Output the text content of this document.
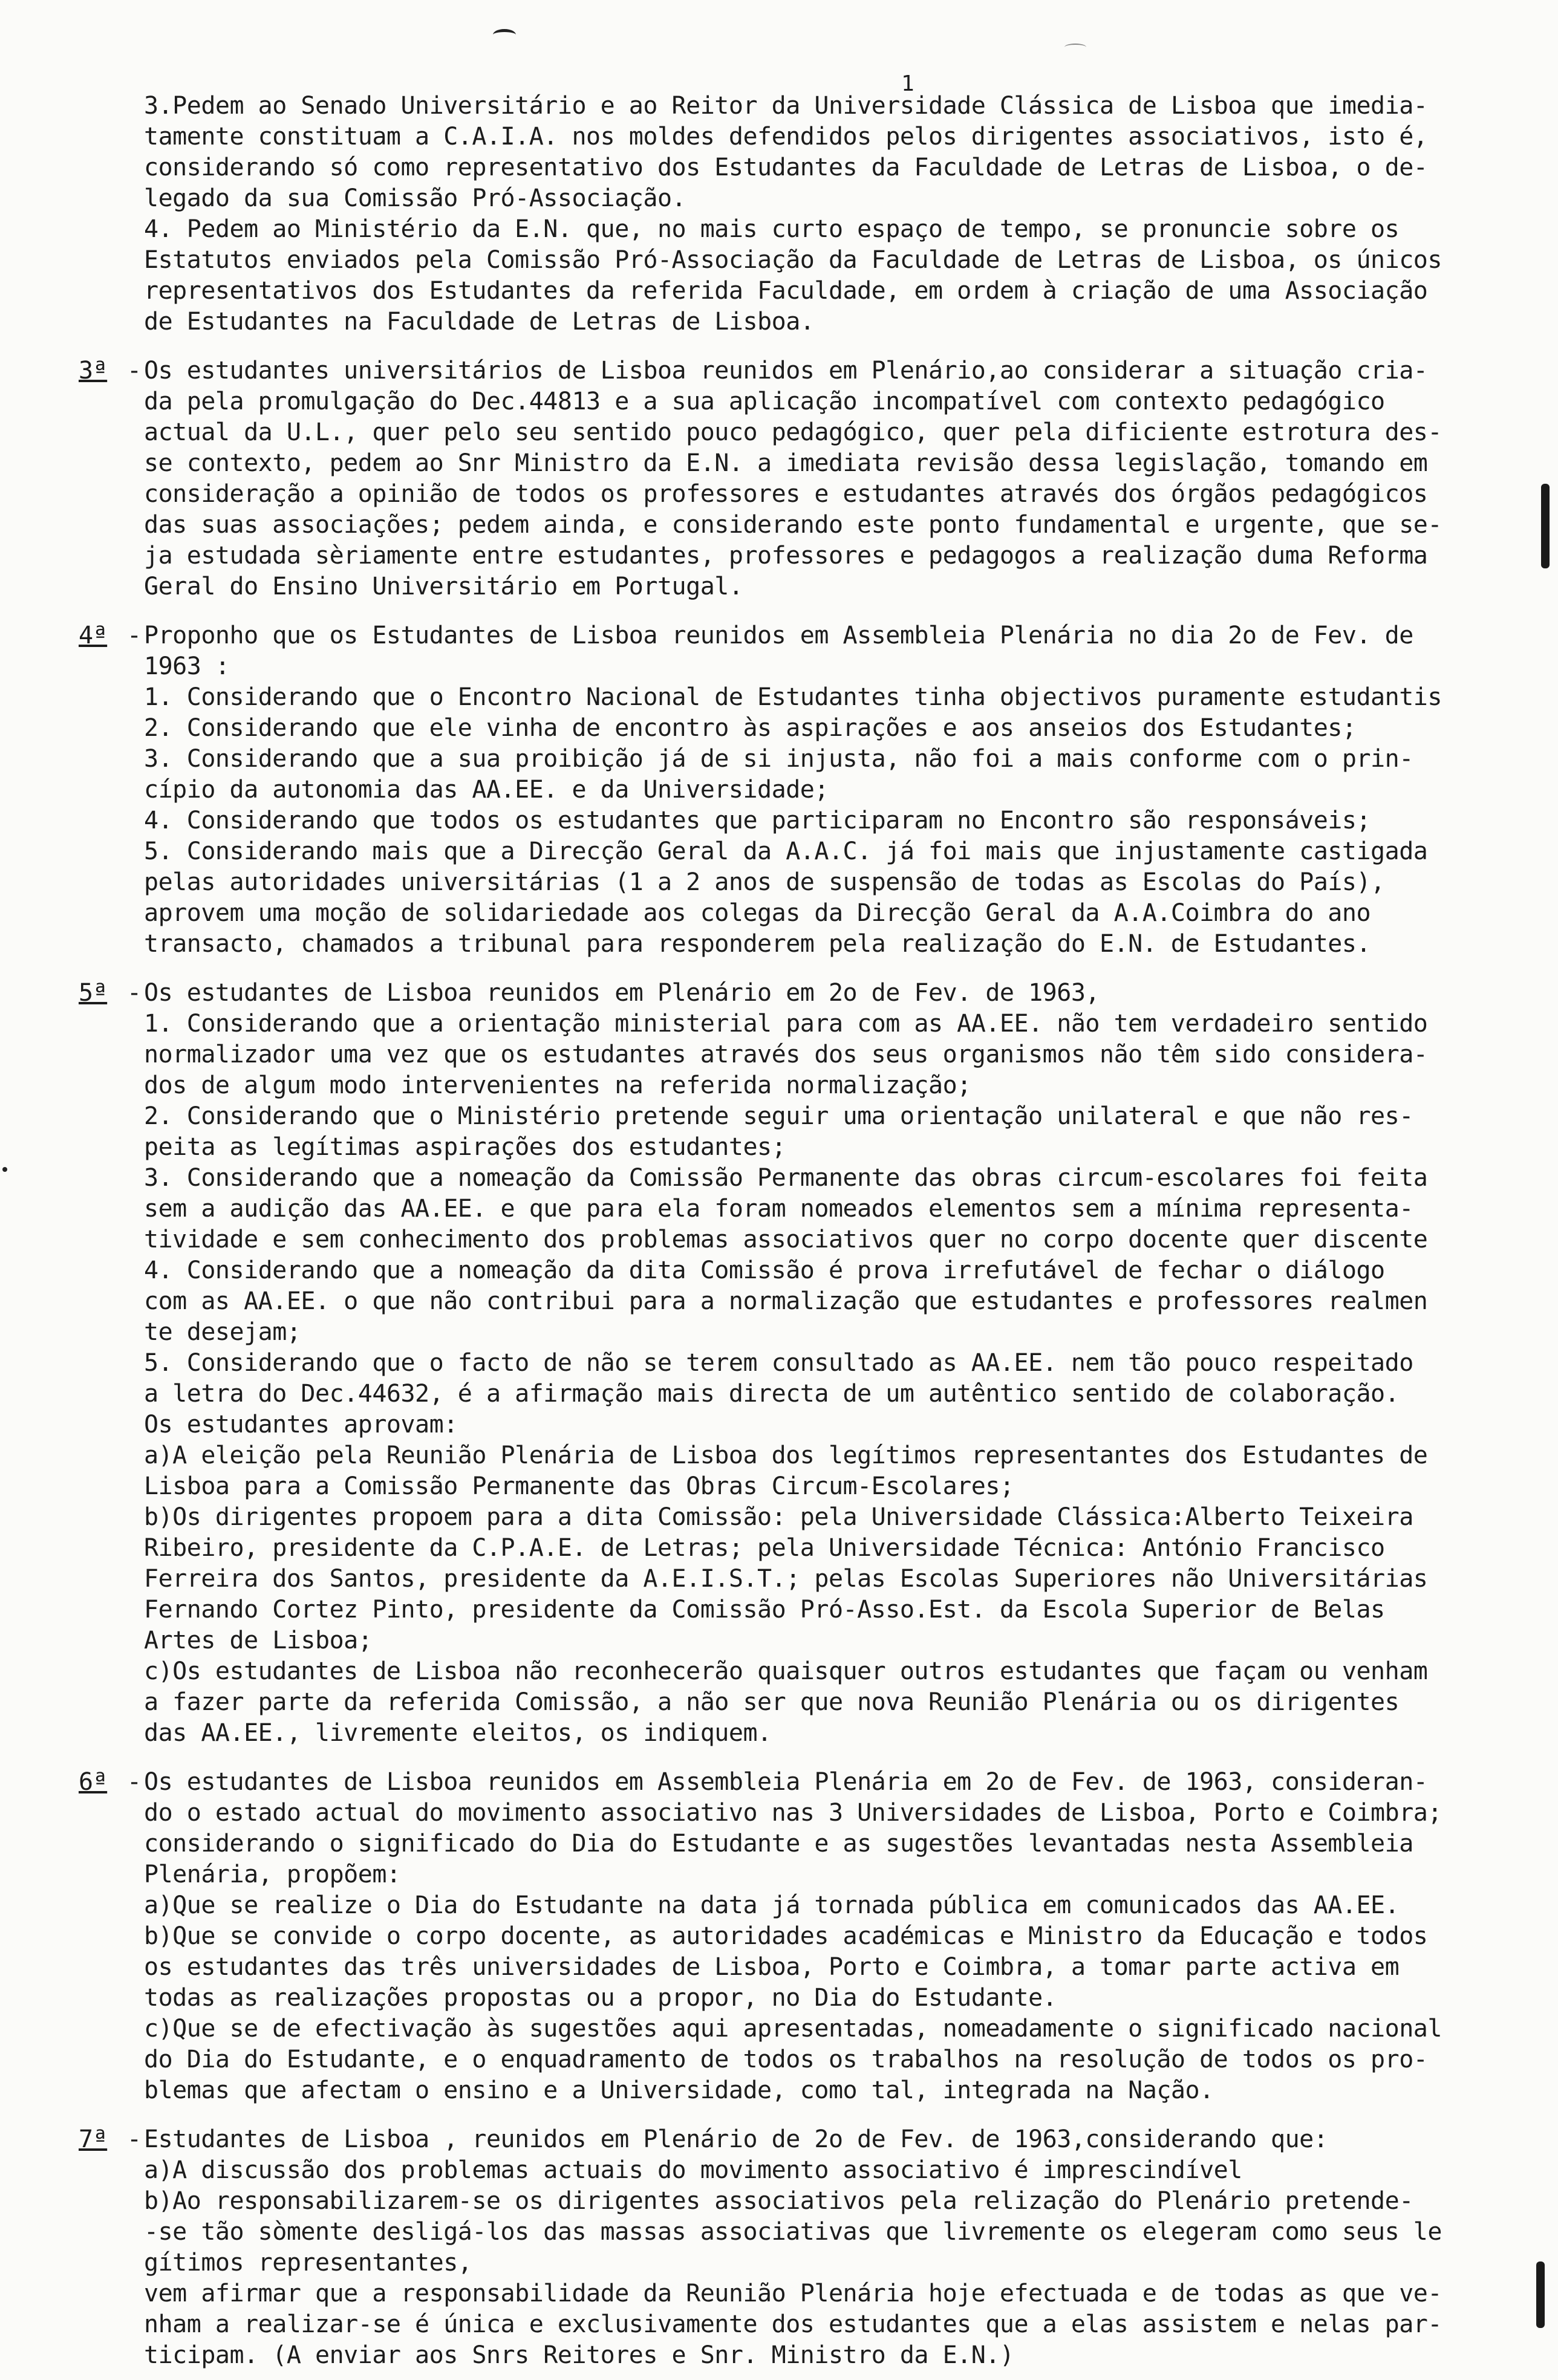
1
3.Pedem ao Senado Universitário e ao Reitor da Universidade Clássica de Lisboa que imedia-
tamente constituam a C.A.I.A. nos moldes defendidos pelos dirigentes associativos, isto é,
considerando só como representativo dos Estudantes da Faculdade de Letras de Lisboa, o de-
legado da sua Comissão Pró-Associação.
4. Pedem ao Ministério da E.N. que, no mais curto espaço de tempo, se pronuncie sobre os
Estatutos enviados pela Comissão Pró-Associação da Faculdade de Letras de Lisboa, os únicos
representativos dos Estudantes da referida Faculdade, em ordem à criação de uma Associação
de Estudantes na Faculdade de Letras de Lisboa.
3ª - Os estudantes universitários de Lisboa reunidos em Plenário,ao considerar a situação cria-
da pela promulgação do Dec.44813 e a sua aplicação incompatível com contexto pedagógico
actual da U.L., quer pelo seu sentido pouco pedagógico, quer pela dificiente estrotura des-
se contexto, pedem ao Snr Ministro da E.N. a imediata revisão dessa legislação, tomando em
consideração a opinião de todos os professores e estudantes através dos órgãos pedagógicos
das suas associações; pedem ainda, e considerando este ponto fundamental e urgente, que se-
ja estudada sèriamente entre estudantes, professores e pedagogos a realização duma Reforma
Geral do Ensino Universitário em Portugal.
4ª - Proponho que os Estudantes de Lisboa reunidos em Assembleia Plenária no dia 2o de Fev. de
1963 :
1. Considerando que o Encontro Nacional de Estudantes tinha objectivos puramente estudantis
2. Considerando que ele vinha de encontro às aspirações e aos anseios dos Estudantes;
3. Considerando que a sua proibição já de si injusta, não foi a mais conforme com o prin-
cípio da autonomia das AA.EE. e da Universidade;
4. Considerando que todos os estudantes que participaram no Encontro são responsáveis;
5. Considerando mais que a Direcção Geral da A.A.C. já foi mais que injustamente castigada
pelas autoridades universitárias (1 a 2 anos de suspensão de todas as Escolas do País),
aprovem uma moção de solidariedade aos colegas da Direcção Geral da A.A.Coimbra do ano
transacto, chamados a tribunal para responderem pela realização do E.N. de Estudantes.
5ª - Os estudantes de Lisboa reunidos em Plenário em 2o de Fev. de 1963,
1. Considerando que a orientação ministerial para com as AA.EE. não tem verdadeiro sentido
normalizador uma vez que os estudantes através dos seus organismos não têm sido considera-
dos de algum modo intervenientes na referida normalização;
2. Considerando que o Ministério pretende seguir uma orientação unilateral e que não res-
peita as legítimas aspirações dos estudantes;
3. Considerando que a nomeação da Comissão Permanente das obras circum-escolares foi feita
sem a audição das AA.EE. e que para ela foram nomeados elementos sem a mínima representa-
tividade e sem conhecimento dos problemas associativos quer no corpo docente quer discente
4. Considerando que a nomeação da dita Comissão é prova irrefutável de fechar o diálogo
com as AA.EE. o que não contribui para a normalização que estudantes e professores realmen
te desejam;
5. Considerando que o facto de não se terem consultado as AA.EE. nem tão pouco respeitado
a letra do Dec.44632, é a afirmação mais directa de um autêntico sentido de colaboração.
Os estudantes aprovam:
a)A eleição pela Reunião Plenária de Lisboa dos legítimos representantes dos Estudantes de
Lisboa para a Comissão Permanente das Obras Circum-Escolares;
b)Os dirigentes propoem para a dita Comissão: pela Universidade Clássica:Alberto Teixeira
Ribeiro, presidente da C.P.A.E. de Letras; pela Universidade Técnica: António Francisco
Ferreira dos Santos, presidente da A.E.I.S.T.; pelas Escolas Superiores não Universitárias
Fernando Cortez Pinto, presidente da Comissão Pró-Asso.Est. da Escola Superior de Belas
Artes de Lisboa;
c)Os estudantes de Lisboa não reconhecerão quaisquer outros estudantes que façam ou venham
a fazer parte da referida Comissão, a não ser que nova Reunião Plenária ou os dirigentes
das AA.EE., livremente eleitos, os indiquem.
6ª - Os estudantes de Lisboa reunidos em Assembleia Plenária em 2o de Fev. de 1963, consideran-
do o estado actual do movimento associativo nas 3 Universidades de Lisboa, Porto e Coimbra;
considerando o significado do Dia do Estudante e as sugestões levantadas nesta Assembleia
Plenária, propõem:
a)Que se realize o Dia do Estudante na data já tornada pública em comunicados das AA.EE.
b)Que se convide o corpo docente, as autoridades académicas e Ministro da Educação e todos
os estudantes das três universidades de Lisboa, Porto e Coimbra, a tomar parte activa em
todas as realizações propostas ou a propor, no Dia do Estudante.
c)Que se de efectivação às sugestões aqui apresentadas, nomeadamente o significado nacional
do Dia do Estudante, e o enquadramento de todos os trabalhos na resolução de todos os pro-
blemas que afectam o ensino e a Universidade, como tal, integrada na Nação.
7ª - Estudantes de Lisboa , reunidos em Plenário de 2o de Fev. de 1963,considerando que:
a)A discussão dos problemas actuais do movimento associativo é imprescindível
b)Ao responsabilizarem-se os dirigentes associativos pela relização do Plenário pretende-
-se tão sòmente desligá-los das massas associativas que livremente os elegeram como seus le
gítimos representantes,
vem afirmar que a responsabilidade da Reunião Plenária hoje efectuada e de todas as que ve-
nham a realizar-se é única e exclusivamente dos estudantes que a elas assistem e nelas par-
ticipam. (A enviar aos Snrs Reitores e Snr. Ministro da E.N.)
